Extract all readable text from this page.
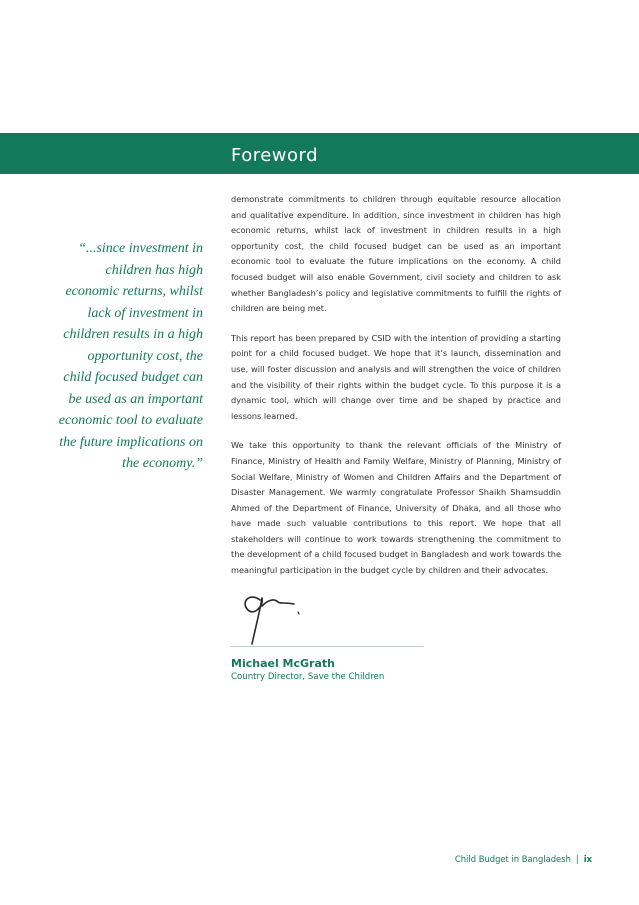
Foreword
“...since investment in children has high economic returns, whilst lack of investment in children results in a high opportunity cost, the child focused budget can be used as an important economic tool to evaluate the future implications on the economy.”

demonstrate commitments to children through equitable resource allocation and qualitative expenditure. In addition, since investment in children has high economic returns, whilst lack of investment in children results in a high opportunity cost, the child focused budget can be used as an important economic tool to evaluate the future implications on the economy. A child focused budget will also enable Government, civil society and children to ask whether Bangladesh’s policy and legislative commitments to fulfill the rights of children are being met.

This report has been prepared by CSID with the intention of providing a starting point for a child focused budget. We hope that it’s launch, dissemination and use, will foster discussion and analysis and will strengthen the voice of children and the visibility of their rights within the budget cycle. To this purpose it is a dynamic tool, which will change over time and be shaped by practice and lessons learned.

We take this opportunity to thank the relevant officials of the Ministry of Finance, Ministry of Health and Family Welfare, Ministry of Planning, Ministry of Social Welfare, Ministry of Women and Children Affairs and the Department of Disaster Management. We warmly congratulate Professor Shaikh Shamsuddin Ahmed of the Department of Finance, University of Dhaka, and all those who have made such valuable contributions to this report. We hope that all stakeholders will continue to work towards strengthening the commitment to the development of a child focused budget in Bangladesh and work towards the meaningful participation in the budget cycle by children and their advocates.

Michael McGrath
Country Director, Save the Children
Child Budget in Bangladesh | ix
